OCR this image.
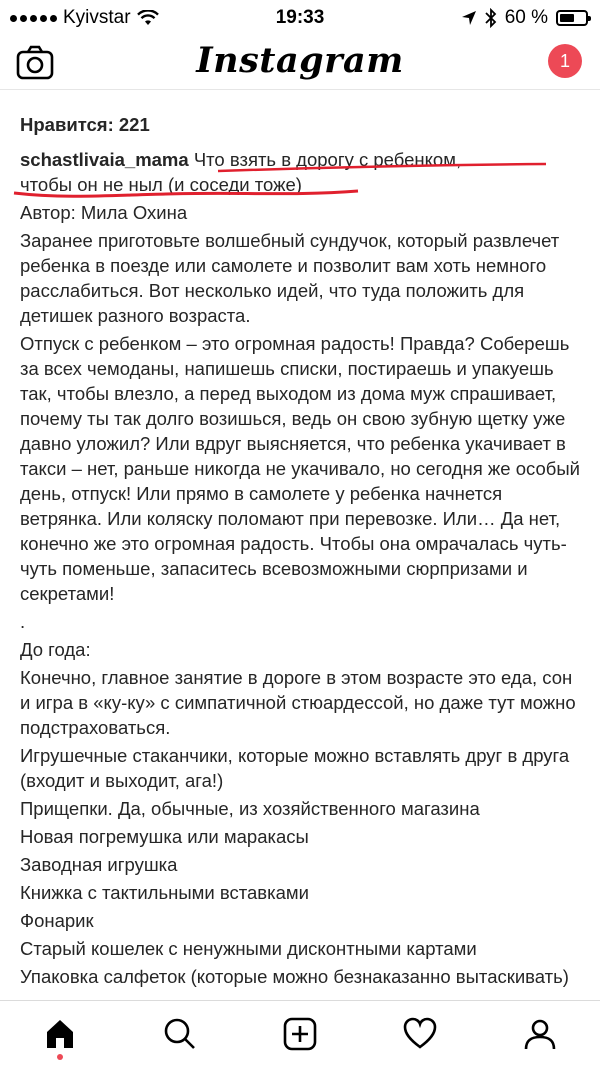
Kyivstar	19:33	60 %
Instagram	1
Нравится: 221
schastlivaia_mama Что взять в дорогу с ребенком,
чтобы он не ныл (и соседи тоже)
Автор: Мила Охина
Заранее приготовьте волшебный сундучок, который развлечет ребенка в поезде или самолете и позволит вам хоть немного расслабиться. Вот несколько идей, что туда положить для детишек разного возраста.
Отпуск с ребенком – это огромная радость! Правда? Соберешь за всех чемоданы, напишешь списки, постираешь и упакуешь так, чтобы влезло, а перед выходом из дома муж спрашивает, почему ты так долго возишься, ведь он свою зубную щетку уже давно уложил? Или вдруг выясняется, что ребенка укачивает в такси – нет, раньше никогда не укачивало, но сегодня же особый день, отпуск! Или прямо в самолете у ребенка начнется ветрянка. Или коляску поломают при перевозке. Или… Да нет, конечно же это огромная радость. Чтобы она омрачалась чуть-чуть поменьше, запаситесь всевозможными сюрпризами и секретами!
.
До года:
Конечно, главное занятие в дороге в этом возрасте это еда, сон и игра в «ку-ку» с симпатичной стюардессой, но даже тут можно подстраховаться.
Игрушечные стаканчики, которые можно вставлять друг в друга (входит и выходит, ага!)
Прищепки. Да, обычные, из хозяйственного магазина
Новая погремушка или маракасы
Заводная игрушка
Книжка с тактильными вставками
Фонарик
Старый кошелек с ненужными дисконтными картами
Упаковка салфеток (которые можно безнаказанно вытаскивать)
